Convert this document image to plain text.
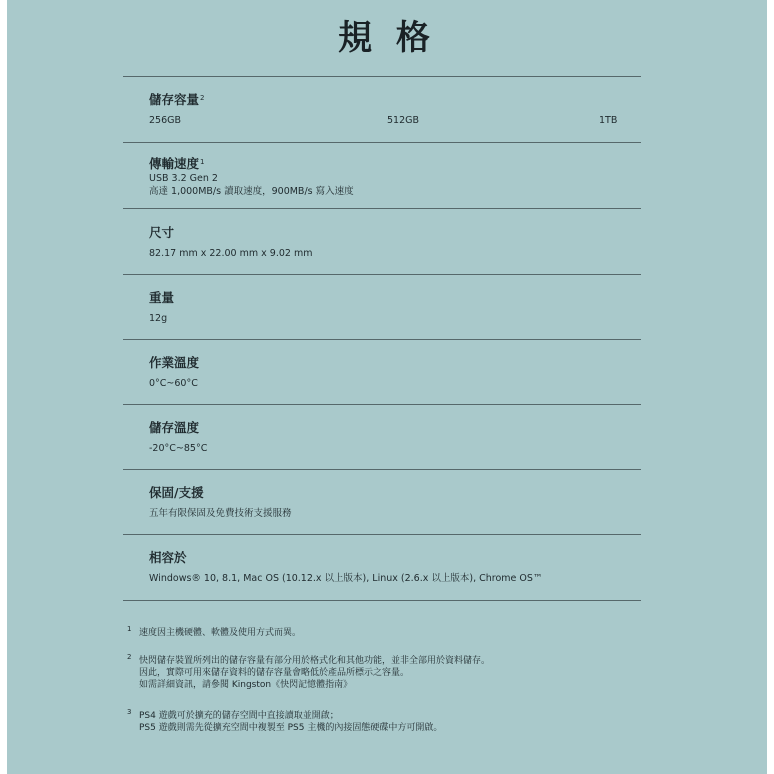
規 格
儲存容量$^2$
256GB	512GB	1TB
傳輸速度$^1$
USB 3.2 Gen 2
高達 1,000MB/s 讀取速度，900MB/s 寫入速度
尺寸
82.17 mm x 22.00 mm x 9.02 mm
重量
12g
作業溫度
0°C~60°C
儲存溫度
-20°C~85°C
保固/支援
五年有限保固及免費技術支援服務
相容於
Windows® 10, 8.1, Mac OS (10.12.x 以上版本), Linux (2.6.x 以上版本), Chrome OS™
1 速度因主機硬體、軟體及使用方式而異。
2 快閃儲存裝置所列出的儲存容量有部分用於格式化和其他功能，並非全部用於資料儲存。
因此，實際可用來儲存資料的儲存容量會略低於產品所標示之容量。
如需詳細資訊，請參閱 Kingston《快閃記憶體指南》
3 PS4 遊戲可於擴充的儲存空間中直接讀取並開啟；
PS5 遊戲則需先從擴充空間中複製至 PS5 主機的內接固態硬碟中方可開啟。
